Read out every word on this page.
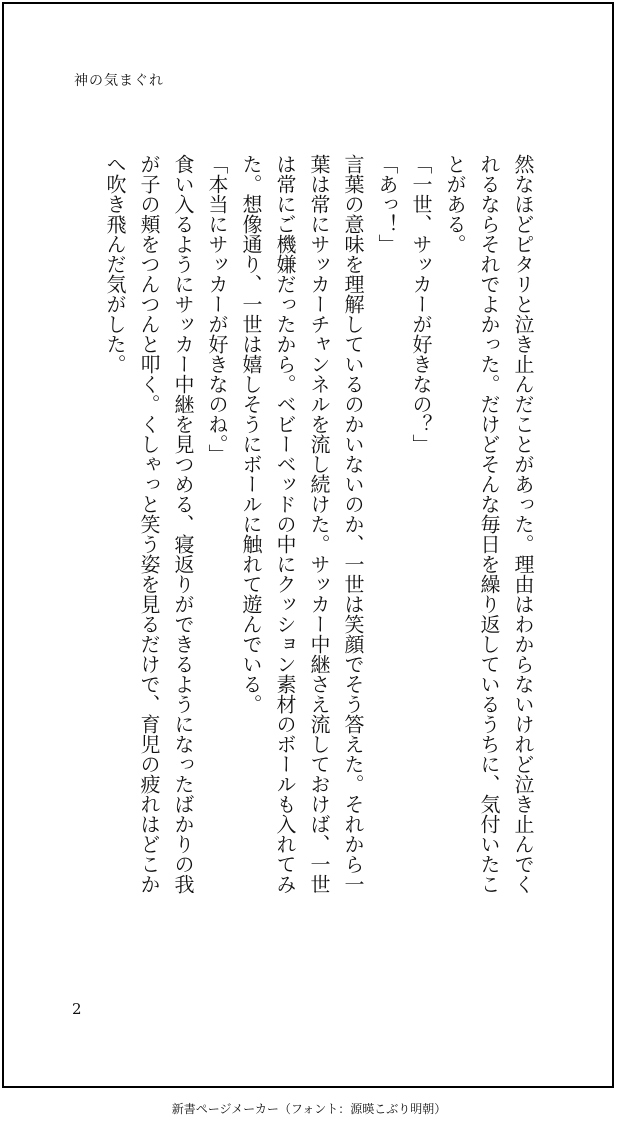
神の気まぐれ

然なほどピタリと泣き止んだことがあった。理由はわからないけれど泣き止んでく

れるならそれでよかった。だけどそんな毎日を繰り返しているうちに、気付いたこ

とがある。

「一世、サッカーが好きなの？」

「あっ！」

言葉の意味を理解しているのかいないのか、一世は笑顔でそう答えた。それから一

葉は常にサッカーチャンネルを流し続けた。サッカー中継さえ流しておけば、一世

は常にご機嫌だったから。ベビーベッドの中にクッション素材のボールも入れてみ

た。想像通り、一世は嬉しそうにボールに触れて遊んでいる。

「本当にサッカーが好きなのね。」

食い入るようにサッカー中継を見つめる、寝返りができるようになったばかりの我

が子の頬をつんつんと叩く。くしゃっと笑う姿を見るだけで、育児の疲れはどこか

へ吹き飛んだ気がした。

2
新書ページメーカー（フォント：源暎こぶり明朝）
